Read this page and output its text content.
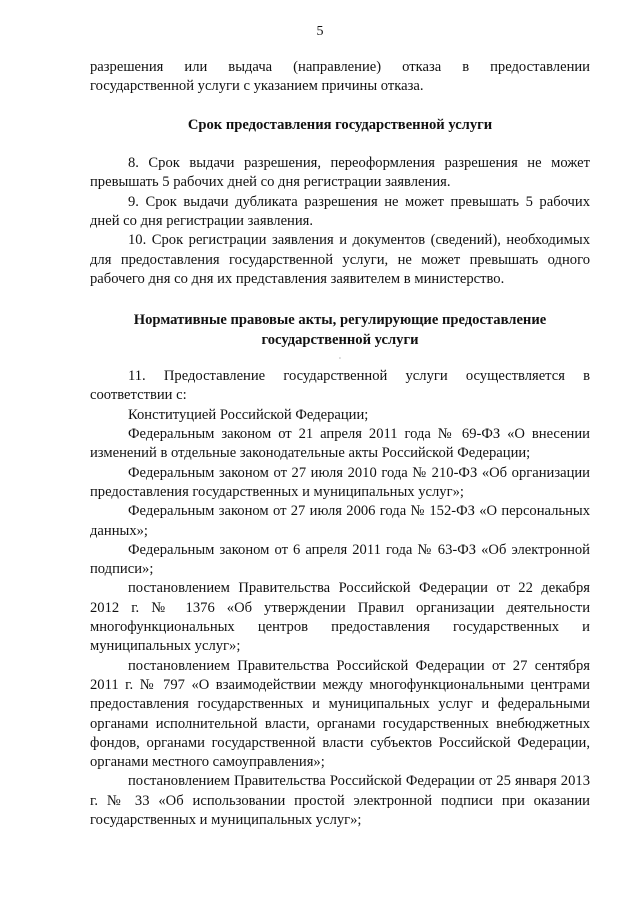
5

разрешения или выдача (направление) отказа в предоставлении

государственной услуги с указанием причины отказа.

Срок предоставления государственной услуги

8. Срок выдачи разрешения, переоформления разрешения не может превышать 5 рабочих дней со дня регистрации заявления.

9. Срок выдачи дубликата разрешения не может превышать 5 рабочих дней со дня регистрации заявления.

10. Срок регистрации заявления и документов (сведений), необходимых для предоставления государственной услуги, не может превышать одного рабочего дня со дня их представления заявителем в министерство.

Нормативные правовые акты, регулирующие предоставление
государственной услуги
·

11. Предоставление государственной услуги осуществляется в соответствии с:

Конституцией Российской Федерации;

Федеральным законом от 21 апреля 2011 года № 69-ФЗ «О внесении изменений в отдельные законодательные акты Российской Федерации;

Федеральным законом от 27 июля 2010 года № 210-ФЗ «Об организации предоставления государственных и муниципальных услуг»;

Федеральным законом от 27 июля 2006 года № 152-ФЗ «О персональных данных»;

Федеральным законом от 6 апреля 2011 года № 63-ФЗ «Об электронной подписи»;

постановлением Правительства Российской Федерации от 22 декабря 2012 г. № 1376 «Об утверждении Правил организации деятельности многофункциональных центров предоставления государственных и муниципальных услуг»;

постановлением Правительства Российской Федерации от 27 сентября 2011 г. № 797 «О взаимодействии между многофункциональными центрами предоставления государственных и муниципальных услуг и федеральными органами исполнительной власти, органами государственных внебюджетных фондов, органами государственной власти субъектов Российской Федерации, органами местного самоуправления»;

постановлением Правительства Российской Федерации от 25 января 2013 г. № 33 «Об использовании простой электронной подписи при оказании государственных и муниципальных услуг»;
